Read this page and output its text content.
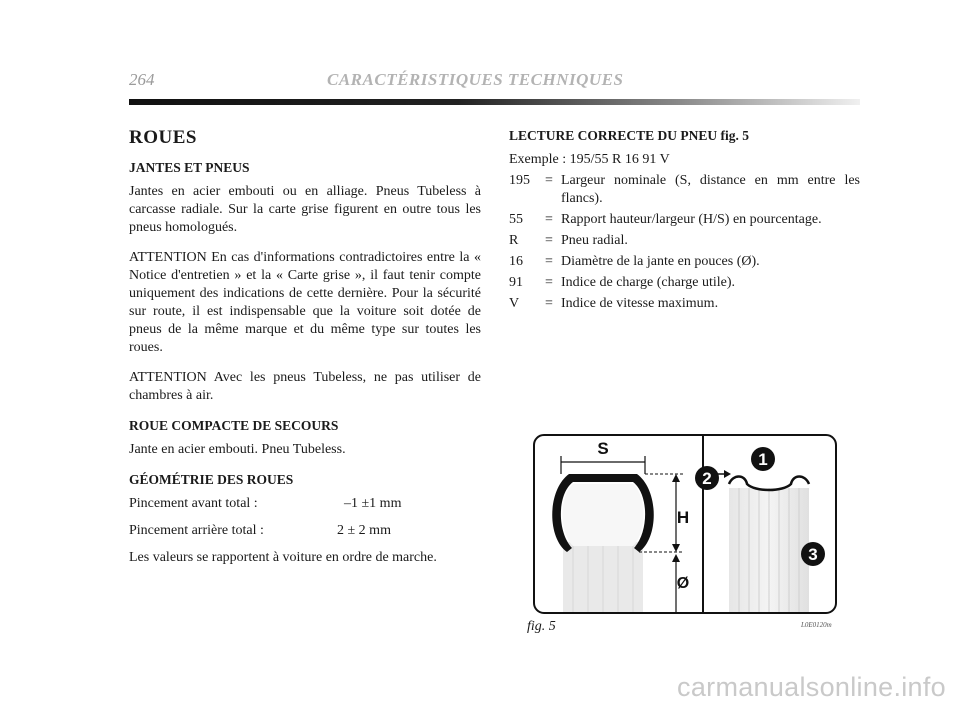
264	CARACTÉRISTIQUES TECHNIQUES
ROUES
JANTES ET PNEUS

Jantes en acier embouti ou en alliage. Pneus Tubeless à carcasse radiale. Sur la carte grise figurent en outre tous les pneus homologués.

ATTENTION En cas d'informations contradictoires entre la « Notice d'entretien » et la « Carte grise », il faut tenir compte uniquement des indications de cette dernière. Pour la sécurité sur route, il est indispensable que la voiture soit dotée de pneus de la même marque et du même type sur toutes les roues.

ATTENTION Avec les pneus Tubeless, ne pas utiliser de chambres à air.

ROUE COMPACTE DE SECOURS

Jante en acier embouti. Pneu Tubeless.

GÉOMÉTRIE DES ROUES
Pincement avant total :	–1 ±1 mm
Pincement arrière total :	2 ± 2 mm

Les valeurs se rapportent à voiture en ordre de marche.

LECTURE CORRECTE DU PNEU fig. 5
Exemple : 195/55 R 16 91 V
195	= Largeur nominale (S, distance en mm entre les flancs).
55	= Rapport hauteur/largeur (H/S) en pourcentage.
R	= Pneu radial.
16	= Diamètre de la jante en pouces (Ø).
91	= Indice de charge (charge utile).
V	= Indice de vitesse maximum.
S
H
Ø
1
2
3
fig. 5	L0E0120m
carmanualsonline.info
